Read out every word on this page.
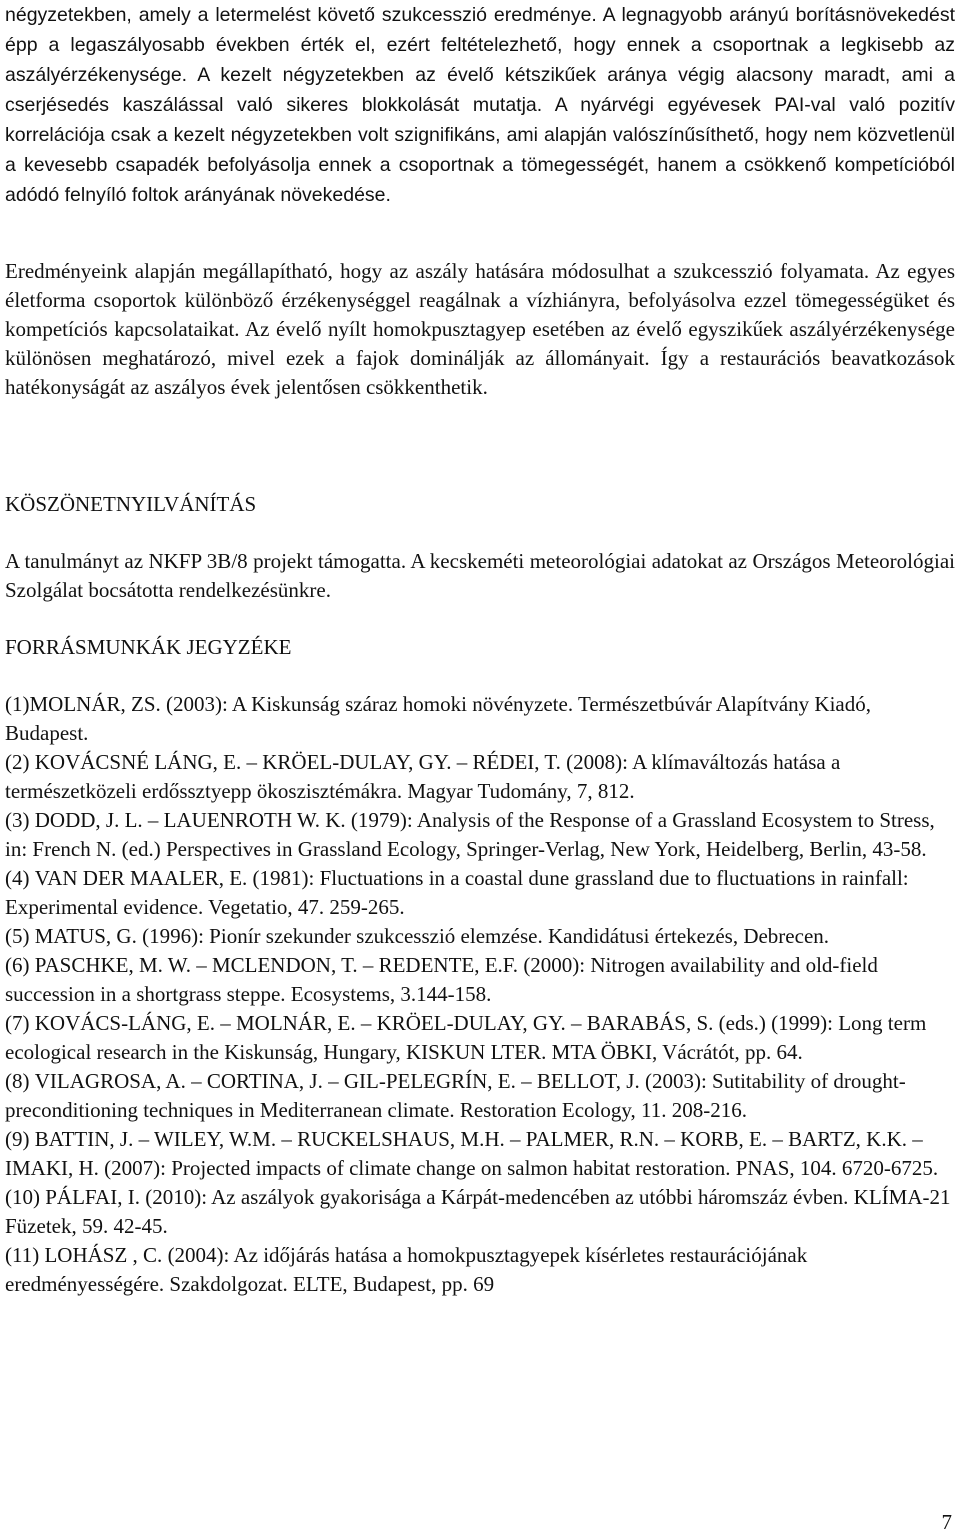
négyzetekben, amely a letermelést követő szukcesszió eredménye. A legnagyobb arányú borításnövekedést épp a legaszályosabb években érték el, ezért feltételezhető, hogy ennek a csoportnak a legkisebb az aszályérzékenysége. A kezelt négyzetekben az évelő kétszikűek aránya végig alacsony maradt, ami a cserjésedés kaszálással való sikeres blokkolását mutatja. A nyárvégi egyévesek PAI-val való pozitív korrelációja csak a kezelt négyzetekben volt szignifikáns, ami alapján valószínűsíthető, hogy nem közvetlenül a kevesebb csapadék befolyásolja ennek a csoportnak a tömegességét, hanem a csökkenő kompetícióból adódó felnyíló foltok arányának növekedése.

Eredményeink alapján megállapítható, hogy az aszály hatására módosulhat a szukcesszió folyamata. Az egyes életforma csoportok különböző érzékenységgel reagálnak a vízhiányra, befolyásolva ezzel tömegességüket és kompetíciós kapcsolataikat. Az évelő nyílt homokpusztagyep esetében az évelő egyszikűek aszályérzékenysége különösen meghatározó, mivel ezek a fajok dominálják az állományait. Így a restaurációs beavatkozások hatékonyságát az aszályos évek jelentősen csökkenthetik.

KÖSZÖNETNYILVÁNÍTÁS

A tanulmányt az NKFP 3B/8 projekt támogatta. A kecskeméti meteorológiai adatokat az Országos Meteorológiai Szolgálat bocsátotta rendelkezésünkre.

FORRÁSMUNKÁK JEGYZÉKE

(1)MOLNÁR, ZS. (2003): A Kiskunság száraz homoki növényzete. Természetbúvár Alapítvány Kiadó, Budapest.

(2) KOVÁCSNÉ LÁNG, E. – KRÖEL-DULAY, GY. – RÉDEI, T. (2008): A klímaváltozás hatása a természetközeli erdőssztyepp ökoszisztémákra. Magyar Tudomány, 7, 812.

(3) DODD, J. L. – LAUENROTH W. K. (1979): Analysis of the Response of a Grassland Ecosystem to Stress, in: French N. (ed.) Perspectives in Grassland Ecology, Springer-Verlag, New York, Heidelberg, Berlin, 43-58.

(4) VAN DER MAALER, E. (1981): Fluctuations in a coastal dune grassland due to fluctuations in rainfall: Experimental evidence. Vegetatio, 47. 259-265.

(5) MATUS, G. (1996): Pionír szekunder szukcesszió elemzése. Kandidátusi értekezés, Debrecen.

(6) PASCHKE, M. W. – MCLENDON, T. – REDENTE, E.F. (2000): Nitrogen availability and old-field succession in a shortgrass steppe. Ecosystems, 3.144-158.

(7) KOVÁCS-LÁNG, E. – MOLNÁR, E. – KRÖEL-DULAY, GY. – BARABÁS, S. (eds.) (1999): Long term ecological research in the Kiskunság, Hungary, KISKUN LTER. MTA ÖBKI, Vácrátót, pp. 64.

(8) VILAGROSA, A. – CORTINA, J. – GIL-PELEGRÍN, E. – BELLOT, J. (2003): Sutitability of drought-preconditioning techniques in Mediterranean climate. Restoration Ecology, 11. 208-216.

(9) BATTIN, J. – WILEY, W.M. – RUCKELSHAUS, M.H. – PALMER, R.N. – KORB, E. – BARTZ, K.K. – IMAKI, H. (2007): Projected impacts of climate change on salmon habitat restoration. PNAS, 104. 6720-6725.

(10) PÁLFAI, I. (2010): Az aszályok gyakorisága a Kárpát-medencében az utóbbi háromszáz évben. KLÍMA-21 Füzetek, 59. 42-45.

(11) LOHÁSZ , C. (2004): Az időjárás hatása a homokpusztagyepek kísérletes restaurációjának eredményességére. Szakdolgozat. ELTE, Budapest, pp. 69

7
